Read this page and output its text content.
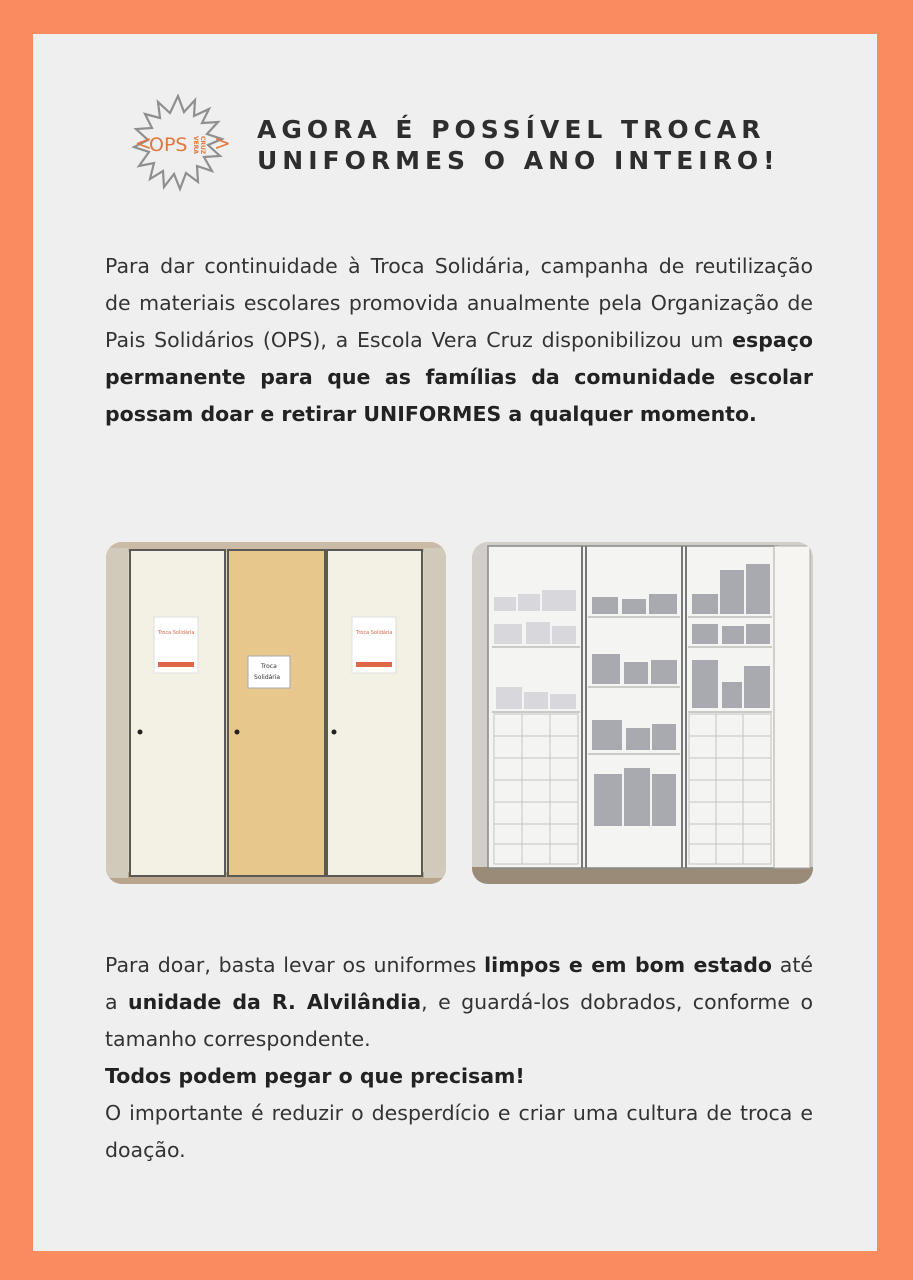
<	>
OPS VERA CRUZ
AGORA É POSSÍVEL TROCAR
UNIFORMES O ANO INTEIRO!
Para dar continuidade à Troca Solidária, campanha de reutilização de materiais escolares promovida anualmente pela Organização de Pais Solidários (OPS), a Escola Vera Cruz disponibilizou um espaço permanente para que as famílias da comunidade escolar possam doar e retirar UNIFORMES a qualquer momento.
Troca Solidária	Troca Solidária
Troca
Solidária
Para doar, basta levar os uniformes limpos e em bom estado até a unidade da R. Alvilândia, e guardá-los dobrados, conforme o tamanho correspondente.
Todos podem pegar o que precisam!
O importante é reduzir o desperdício e criar uma cultura de troca e doação.
